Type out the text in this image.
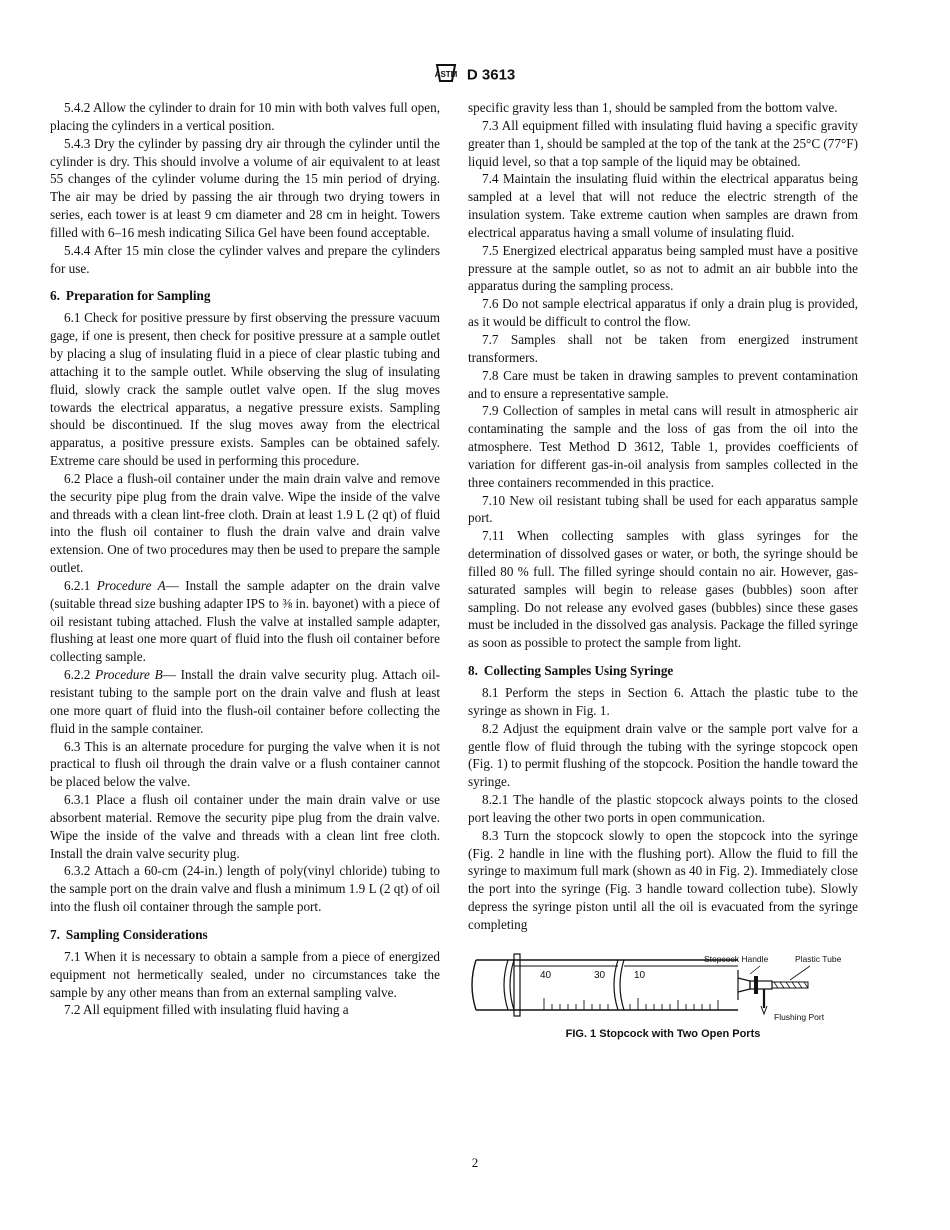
ASTM D 3613

5.4.2 Allow the cylinder to drain for 10 min with both valves full open, placing the cylinders in a vertical position.

5.4.3 Dry the cylinder by passing dry air through the cylinder until the cylinder is dry. This should involve a volume of air equivalent to at least 55 changes of the cylinder volume during the 15 min period of drying. The air may be dried by passing the air through two drying towers in series, each tower is at least 9 cm diameter and 28 cm in height. Towers filled with 6–16 mesh indicating Silica Gel have been found acceptable.

5.4.4 After 15 min close the cylinder valves and prepare the cylinders for use.

6. Preparation for Sampling

6.1 Check for positive pressure by first observing the pressure vacuum gage, if one is present, then check for positive pressure at a sample outlet by placing a slug of insulating fluid in a piece of clear plastic tubing and attaching it to the sample outlet. While observing the slug of insulating fluid, slowly crack the sample outlet valve open. If the slug moves towards the electrical apparatus, a negative pressure exists. Sampling should be discontinued. If the slug moves away from the electrical apparatus, a positive pressure exists. Samples can be obtained safely. Extreme care should be used in performing this procedure.

6.2 Place a flush-oil container under the main drain valve and remove the security pipe plug from the drain valve. Wipe the inside of the valve and threads with a clean lint-free cloth. Drain at least 1.9 L (2 qt) of fluid into the flush oil container to flush the drain valve and drain valve extension. One of two procedures may then be used to prepare the sample outlet.

6.2.1 Procedure A— Install the sample adapter on the drain valve (suitable thread size bushing adapter IPS to ⅜ in. bayonet) with a piece of oil resistant tubing attached. Flush the valve at installed sample adapter, flushing at least one more quart of fluid into the flush oil container before collecting sample.

6.2.2 Procedure B— Install the drain valve security plug. Attach oil-resistant tubing to the sample port on the drain valve and flush at least one more quart of fluid into the flush-oil container before collecting the fluid in the sample container.

6.3 This is an alternate procedure for purging the valve when it is not practical to flush oil through the drain valve or a flush container cannot be placed below the valve.

6.3.1 Place a flush oil container under the main drain valve or use absorbent material. Remove the security pipe plug from the drain valve. Wipe the inside of the valve and threads with a clean lint free cloth. Install the drain valve security plug.

6.3.2 Attach a 60-cm (24-in.) length of poly(vinyl chloride) tubing to the sample port on the drain valve and flush a minimum 1.9 L (2 qt) of oil into the flush oil container through the sample port.

7. Sampling Considerations

7.1 When it is necessary to obtain a sample from a piece of energized equipment not hermetically sealed, under no circumstances take the sample by any other means than from an external sampling valve.

7.2 All equipment filled with insulating fluid having a

specific gravity less than 1, should be sampled from the bottom valve.

7.3 All equipment filled with insulating fluid having a specific gravity greater than 1, should be sampled at the top of the tank at the 25°C (77°F) liquid level, so that a top sample of the liquid may be obtained.

7.4 Maintain the insulating fluid within the electrical apparatus being sampled at a level that will not reduce the electric strength of the insulation system. Take extreme caution when samples are drawn from electrical apparatus having a small volume of insulating fluid.

7.5 Energized electrical apparatus being sampled must have a positive pressure at the sample outlet, so as not to admit an air bubble into the apparatus during the sampling process.

7.6 Do not sample electrical apparatus if only a drain plug is provided, as it would be difficult to control the flow.

7.7 Samples shall not be taken from energized instrument transformers.

7.8 Care must be taken in drawing samples to prevent contamination and to ensure a representative sample.

7.9 Collection of samples in metal cans will result in atmospheric air contaminating the sample and the loss of gas from the oil into the atmosphere. Test Method D 3612, Table 1, provides coefficients of variation for different gas-in-oil analysis from samples collected in the three containers recommended in this practice.

7.10 New oil resistant tubing shall be used for each apparatus sample port.

7.11 When collecting samples with glass syringes for the determination of dissolved gases or water, or both, the syringe should be filled 80 % full. The filled syringe should contain no air. However, gas-saturated samples will begin to release gases (bubbles) soon after sampling. Do not release any evolved gases (bubbles) since these gases must be included in the dissolved gas analysis. Package the filled syringe as soon as possible to protect the sample from light.

8. Collecting Samples Using Syringe

8.1 Perform the steps in Section 6. Attach the plastic tube to the syringe as shown in Fig. 1.

8.2 Adjust the equipment drain valve or the sample port valve for a gentle flow of fluid through the tubing with the syringe stopcock open (Fig. 1) to permit flushing of the stopcock. Position the handle toward the syringe.

8.2.1 The handle of the plastic stopcock always points to the closed port leaving the other two ports in open communication.

8.3 Turn the stopcock slowly to open the stopcock into the syringe (Fig. 2 handle in line with the flushing port). Allow the fluid to fill the syringe to maximum full mark (shown as 40 in Fig. 2). Immediately close the port into the syringe (Fig. 3 handle toward collection tube). Slowly depress the syringe piston until all the oil is evacuated from the syringe completing

40	30	10
Stopcock Handle	Plastic Tube
Flushing Port
FIG. 1 Stopcock with Two Open Ports
2
